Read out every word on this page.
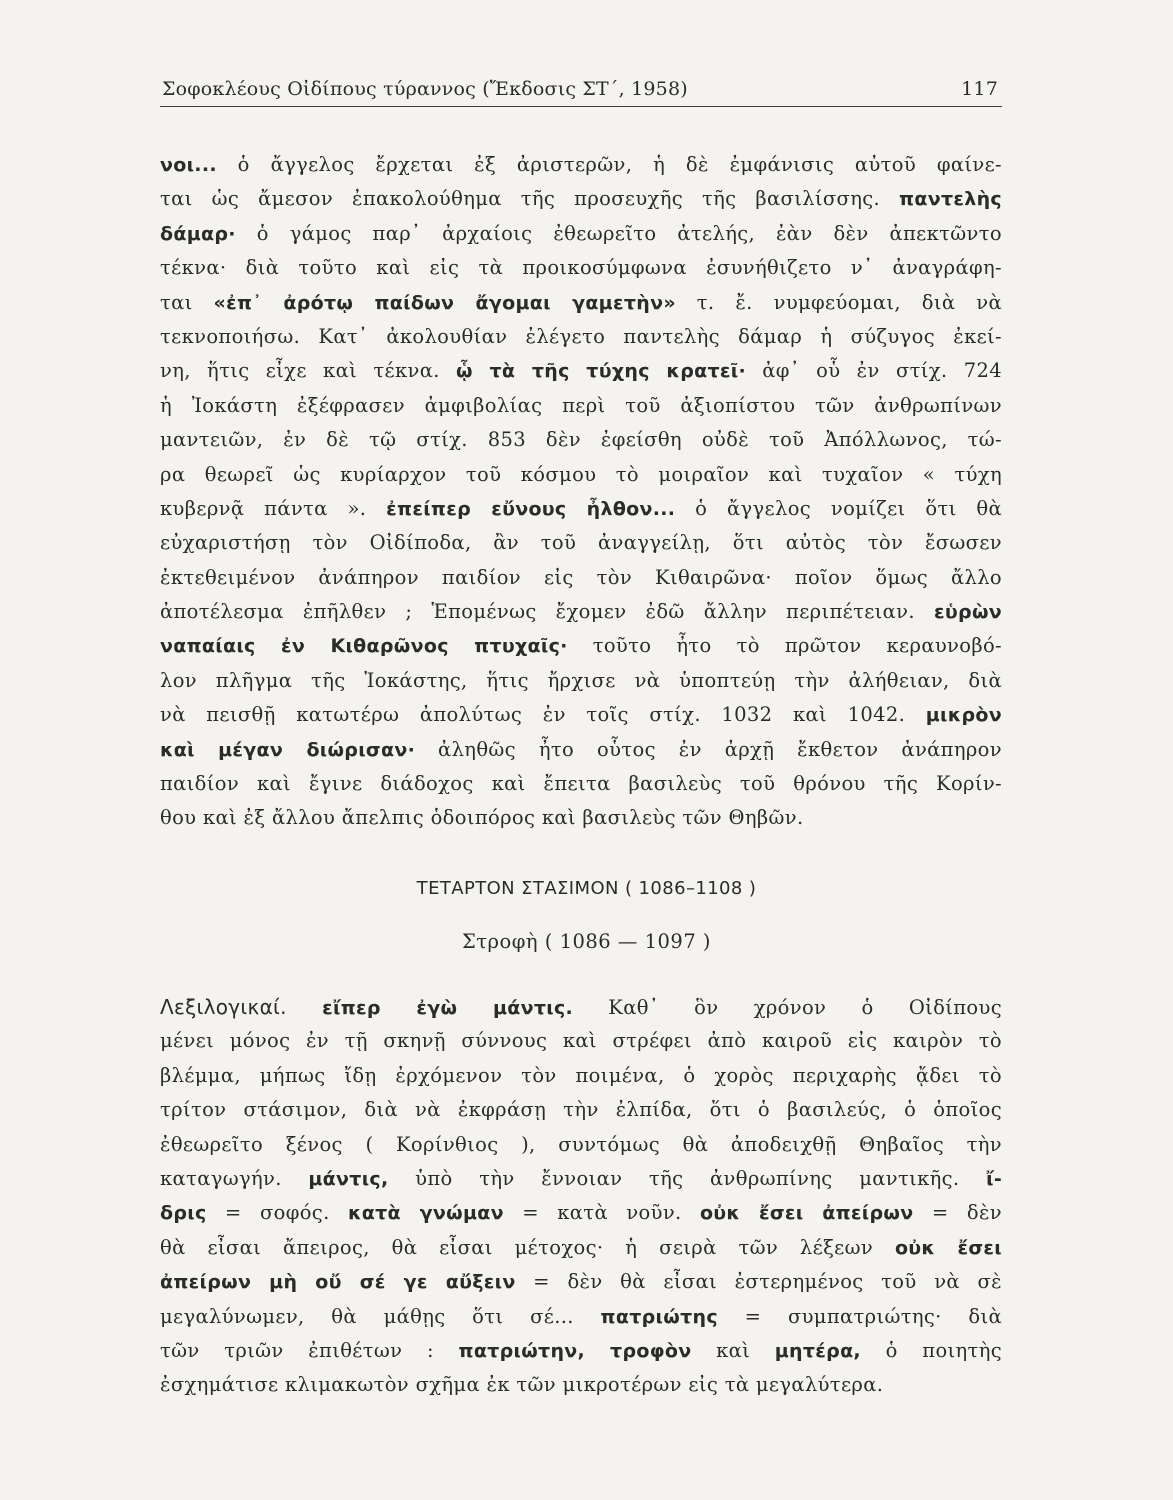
Σοφοκλέους Οἰδίπους τύραννος (Ἔκδοσις ΣΤ΄, 1958)	117
νοι... ὁ ἄγγελος ἔρχεται ἐξ ἀριστερῶν, ἡ δὲ ἐμφάνισις αὐτοῦ φαίνε-
ται ὡς ἄμεσον ἐπακολούθημα τῆς προσευχῆς τῆς βασιλίσσης. παντελὴς
δάμαρ· ὁ γάμος παρ᾽ ἀρχαίοις ἐθεωρεῖτο ἀτελής, ἐὰν δὲν ἀπεκτῶντο
τέκνα· διὰ τοῦτο καὶ εἰς τὰ προικοσύμφωνα ἐσυνήθιζετο ν᾽ ἀναγράφη-
ται «ἐπ᾽ ἀρότῳ παίδων ἄγομαι γαμετὴν» τ. ἔ. νυμφεύομαι, διὰ νὰ
τεκνοποιήσω. Κατ᾽ ἀκολουθίαν ἐλέγετο παντελὴς δάμαρ ἡ σύζυγος ἐκεί-
νη, ἥτις εἶχε καὶ τέκνα. ᾧ τὰ τῆς τύχης κρατεῖ· ἀφ᾽ οὗ ἐν στίχ. 724
ἡ Ἰοκάστη ἐξέφρασεν ἀμφιβολίας περὶ τοῦ ἀξιοπίστου τῶν ἀνθρωπίνων
μαντειῶν, ἐν δὲ τῷ στίχ. 853 δὲν ἐφείσθη οὐδὲ τοῦ Ἀπόλλωνος, τώ-
ρα θεωρεῖ ὡς κυρίαρχον τοῦ κόσμου τὸ μοιραῖον καὶ τυχαῖον « τύχη
κυβερνᾷ πάντα ». ἐπείπερ εὔνους ἦλθον... ὁ ἄγγελος νομίζει ὅτι θὰ
εὐχαριστήσῃ τὸν Οἰδίποδα, ἂν τοῦ ἀναγγείλῃ, ὅτι αὐτὸς τὸν ἔσωσεν
ἐκτεθειμένον ἀνάπηρον παιδίον εἰς τὸν Κιθαιρῶνα· ποῖον ὅμως ἄλλο
ἀποτέλεσμα ἐπῆλθεν ; Ἑπομένως ἔχομεν ἐδῶ ἄλλην περιπέτειαν. εὑρὼν
ναπαίαις ἐν Κιθαρῶνος πτυχαῖς· τοῦτο ἦτο τὸ πρῶτον κεραυνοβό-
λον πλῆγμα τῆς Ἰοκάστης, ἥτις ἤρχισε νὰ ὑποπτεύῃ τὴν ἀλήθειαν, διὰ
νὰ πεισθῇ κατωτέρω ἀπολύτως ἐν τοῖς στίχ. 1032 καὶ 1042. μικρὸν
καὶ μέγαν διώρισαν· ἀληθῶς ἦτο οὗτος ἐν ἀρχῇ ἔκθετον ἀνάπηρον
παιδίον καὶ ἔγινε διάδοχος καὶ ἔπειτα βασιλεὺς τοῦ θρόνου τῆς Κορίν-
θου καὶ ἐξ ἄλλου ἄπελπις ὁδοιπόρος καὶ βασιλεὺς τῶν Θηβῶν.
ΤΕΤΑΡΤΟΝ ΣΤΑΣΙΜΟΝ ( 1086–1108 )
Στροφὴ ( 1086 — 1097 )
Λεξιλογικαί. εἴπερ ἐγὼ μάντις. Καθ᾽ ὃν χρόνον ὁ Οἰδίπους
μένει μόνος ἐν τῇ σκηνῇ σύννους καὶ στρέφει ἀπὸ καιροῦ εἰς καιρὸν τὸ
βλέμμα, μήπως ἴδῃ ἐρχόμενον τὸν ποιμένα, ὁ χορὸς περιχαρὴς ᾄδει τὸ
τρίτον στάσιμον, διὰ νὰ ἐκφράσῃ τὴν ἐλπίδα, ὅτι ὁ βασιλεύς, ὁ ὁποῖος
ἐθεωρεῖτο ξένος ( Κορίνθιος ), συντόμως θὰ ἀποδειχθῇ Θηβαῖος τὴν
καταγωγήν. μάντις, ὑπὸ τὴν ἔννοιαν τῆς ἀνθρωπίνης μαντικῆς. ἴ-
δρις = σοφός. κατὰ γνώμαν = κατὰ νοῦν. οὐκ ἔσει ἀπείρων = δὲν
θὰ εἶσαι ἄπειρος, θὰ εἶσαι μέτοχος· ἡ σειρὰ τῶν λέξεων οὐκ ἔσει
ἀπείρων μὴ οὔ σέ γε αὔξειν = δὲν θὰ εἶσαι ἐστερημένος τοῦ νὰ σὲ
μεγαλύνωμεν, θὰ μάθῃς ὅτι σέ... πατριώτης = συμπατριώτης· διὰ
τῶν τριῶν ἐπιθέτων : πατριώτην, τροφὸν καὶ μητέρα, ὁ ποιητὴς
ἐσχημάτισε κλιμακωτὸν σχῆμα ἐκ τῶν μικροτέρων εἰς τὰ μεγαλύτερα.
